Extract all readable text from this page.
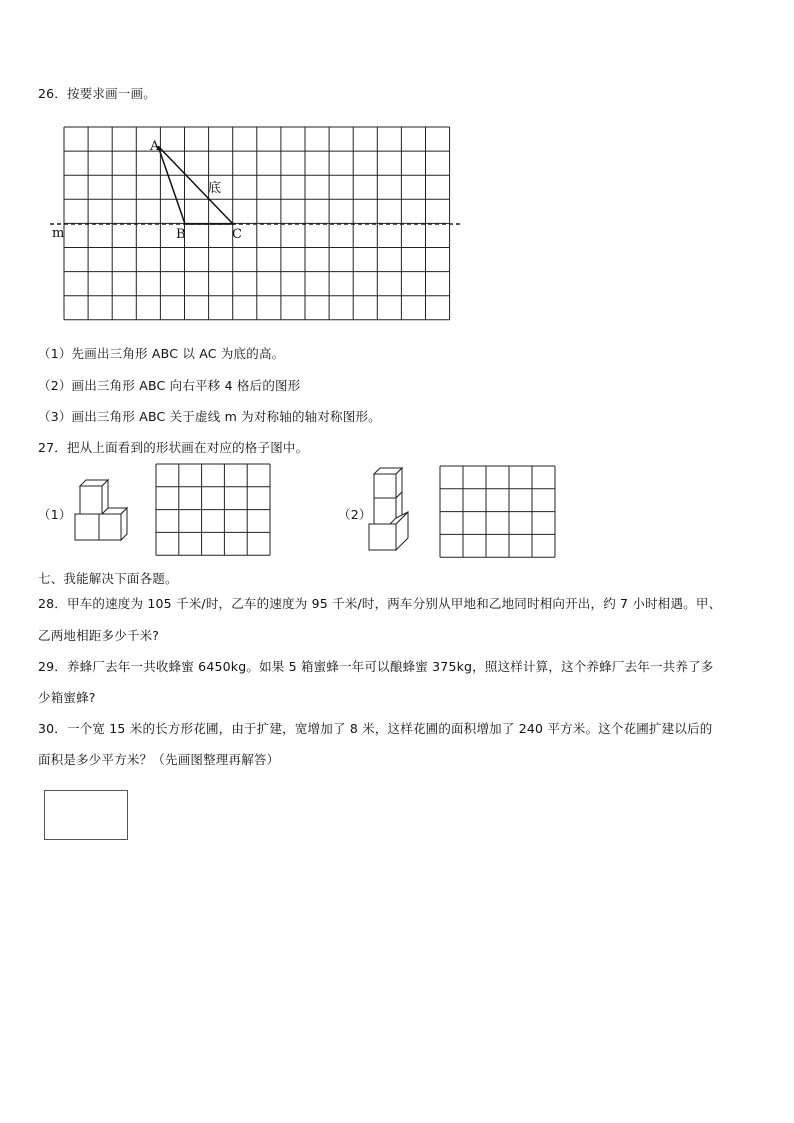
26．按要求画一画。
A
B	C
m
底
（1）先画出三角形 ABC 以 AC 为底的高。
（2）画出三角形 ABC 向右平移 4 格后的图形
（3）画出三角形 ABC 关于虚线 m 为对称轴的轴对称图形。
27．把从上面看到的形状画在对应的格子图中。
（1）	（2）
七、我能解决下面各题。
28．甲车的速度为 105 千米/时，乙车的速度为 95 千米/时，两车分别从甲地和乙地同时相向开出，约 7 小时相遇。甲、
乙两地相距多少千米?
29．养蜂厂去年一共收蜂蜜 6450kg。如果 5 箱蜜蜂一年可以酿蜂蜜 375kg，照这样计算，这个养蜂厂去年一共养了多
少箱蜜蜂?
30．一个宽 15 米的长方形花圃，由于扩建，宽增加了 8 米，这样花圃的面积增加了 240 平方米。这个花圃扩建以后的
面积是多少平方米？（先画图整理再解答）
